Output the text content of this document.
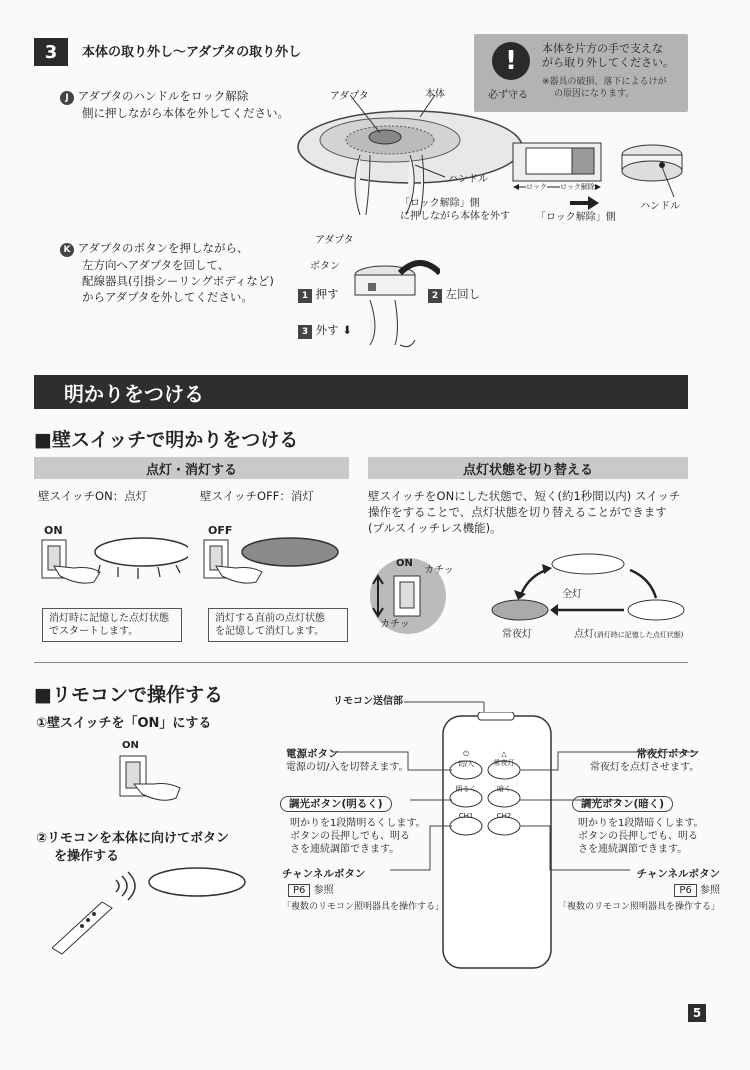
3	本体の取り外し〜アダプタの取り外し	!
必ず守る
本体を片方の手で支えな
がら取り外してください。
※器具の破損、落下によるけが
の原因になります。
J アダプタのハンドルをロック解除
側に押しながら本体を外してください。
アダプタ	本体
ハンドル
「ロック解除」側
に押しながら本体を外す
ロック ロック解除
「ロック解除」側
ハンドル
K アダプタのボタンを押しながら、
左方向へアダプタを回して、
配線器具(引掛シーリングボディなど)
からアダプタを外してください。
アダプタ
ボタン
1 押す	2 左回し
3 外す ⬇
明かりをつける
■壁スイッチで明かりをつける
点灯・消灯する	点灯状態を切り替える
壁スイッチON：点灯	壁スイッチOFF：消灯
ON	OFF
消灯時に記憶した点灯状態
でスタートします。
消灯する直前の点灯状態
を記憶して消灯します。
壁スイッチをONにした状態で、短く(約1秒間以内) スイッチ
操作をすることで、点灯状態を切り替えることができます
(プルスイッチレス機能)。
ON
カチッ
カチッ
全灯
常夜灯	点灯(消灯時に記憶した点灯状態)
■リモコンで操作する
①壁スイッチを「ON」にする
ON
②リモコンを本体に向けてボタン
を操作する
リモコン送信部
⏻
切/入
△
常夜灯
明るく	暗く
CH1	CH2
電源ボタン
電源の切/入を切替えます。
常夜灯ボタン
常夜灯を点灯させます。
調光ボタン(明るく)
明かりを1段階明るくします。
ボタンの長押しでも、明る
さを連続調節できます。
調光ボタン(暗く)
明かりを1段階暗くします。
ボタンの長押しでも、明る
さを連続調節できます。
チャンネルボタン
P6 参照
「複数のリモコン照明器具を操作する」
チャンネルボタン
P6 参照
「複数のリモコン照明器具を操作する」
5
